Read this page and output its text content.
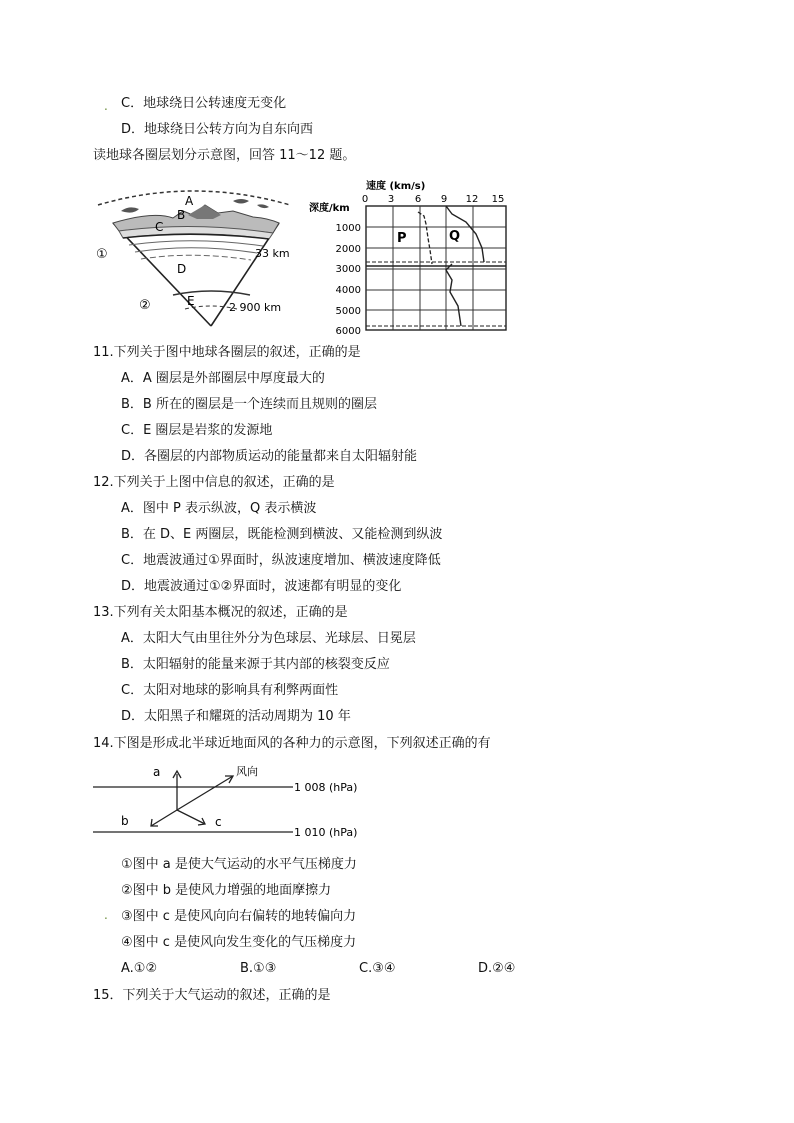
.
.
C．地球绕日公转速度无变化
D．地球绕日公转方向为自东向西
读地球各圈层划分示意图，回答 11～12 题。
A
B
C
D
E
①
②
33 km
2 900 km
速度 (km/s)
深度/km
0 3 6 9 12 15
1000
2000
3000
4000
5000
6000
P	Q
11.下列关于图中地球各圈层的叙述，正确的是
A．A 圈层是外部圈层中厚度最大的
B．B 所在的圈层是一个连续而且规则的圈层
C．E 圈层是岩浆的发源地
D．各圈层的内部物质运动的能量都来自太阳辐射能
12.下列关于上图中信息的叙述，正确的是
A．图中 P 表示纵波，Q 表示横波
B．在 D、E 两圈层，既能检测到横波、又能检测到纵波
C．地震波通过①界面时，纵波速度增加、横波速度降低
D．地震波通过①②界面时，波速都有明显的变化
13.下列有关太阳基本概况的叙述，正确的是
A．太阳大气由里往外分为色球层、光球层、日冕层
B．太阳辐射的能量来源于其内部的核裂变反应
C．太阳对地球的影响具有利弊两面性
D．太阳黑子和耀斑的活动周期为 10 年
14.下图是形成北半球近地面风的各种力的示意图，下列叙述正确的有
a
b	c
风向
1 008 (hPa)
1 010 (hPa)
①图中 a 是使大气运动的水平气压梯度力
②图中 b 是使风力增强的地面摩擦力
③图中 c 是使风向向右偏转的地转偏向力
④图中 c 是使风向发生变化的气压梯度力
A.①②	B.①③	C.③④	D.②④
15．下列关于大气运动的叙述，正确的是
